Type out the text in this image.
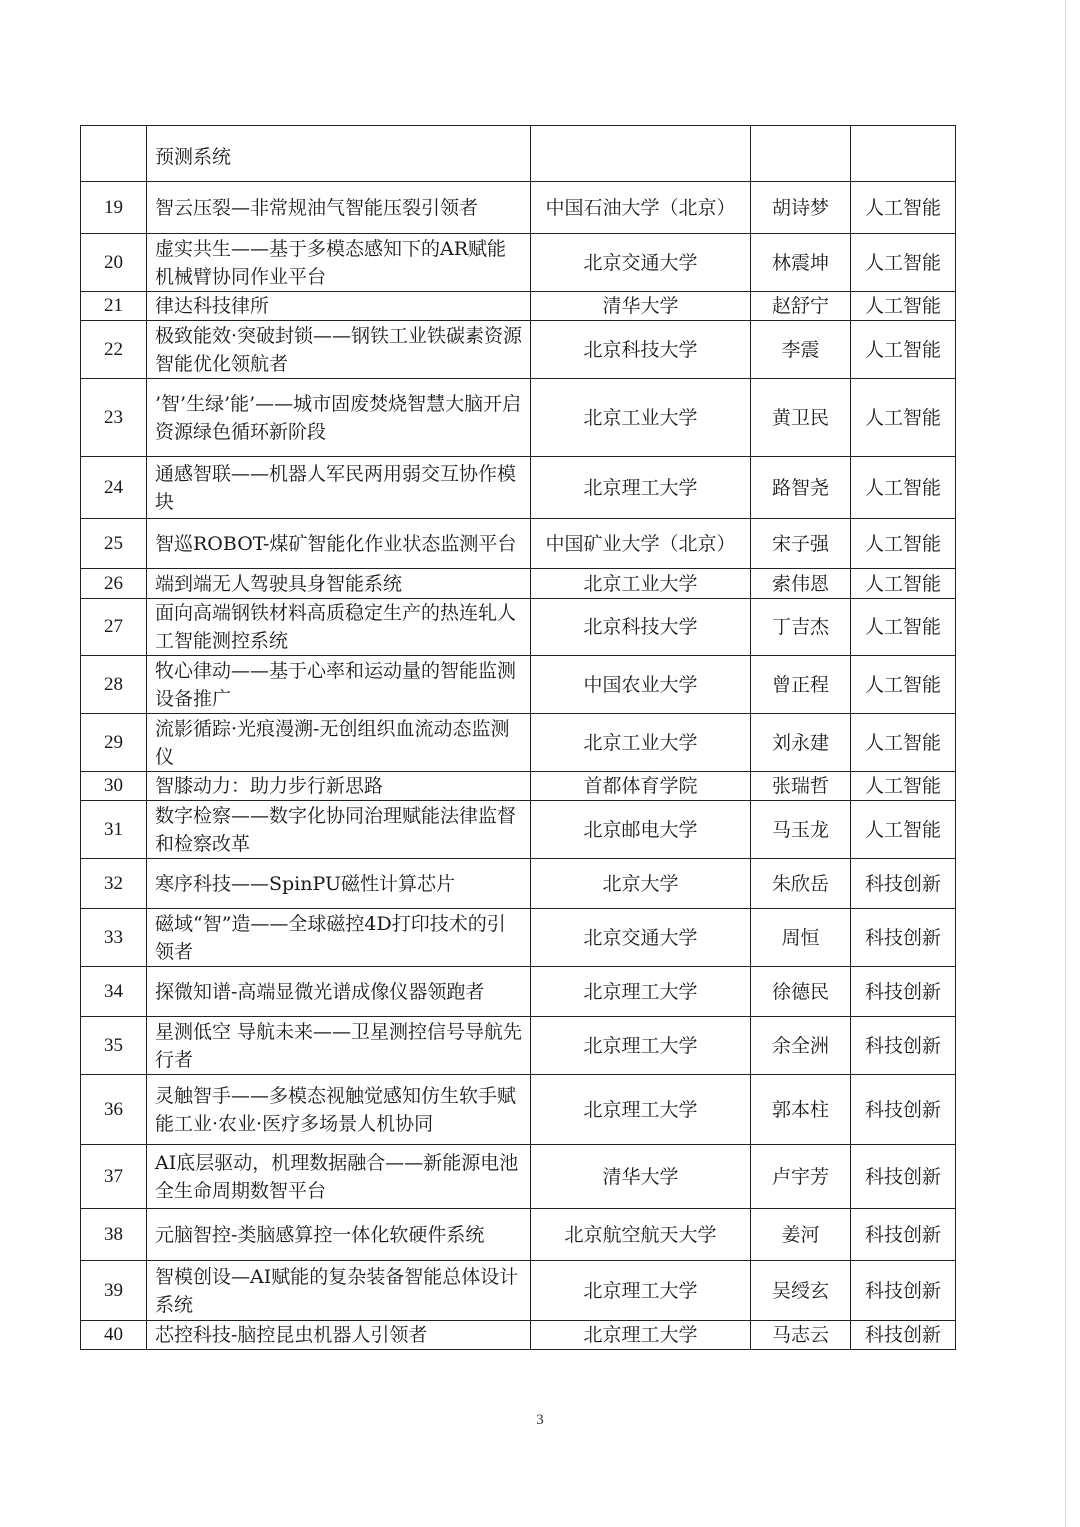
	预测系统			
19	智云压裂—非常规油气智能压裂引领者	中国石油大学（北京）	胡诗梦	人工智能
20	虚实共生——基于多模态感知下的AR赋能机械臂协同作业平台	北京交通大学	林震坤	人工智能
21	律达科技律所	清华大学	赵舒宁	人工智能
22	极致能效·突破封锁——钢铁工业铁碳素资源智能优化领航者	北京科技大学	李震	人工智能
23	’智’生绿’能’——城市固废焚烧智慧大脑开启资源绿色循环新阶段	北京工业大学	黄卫民	人工智能
24	通感智联——机器人军民两用弱交互协作模块	北京理工大学	路智尧	人工智能
25	智巡ROBOT-煤矿智能化作业状态监测平台	中国矿业大学（北京）	宋子强	人工智能
26	端到端无人驾驶具身智能系统	北京工业大学	索伟恩	人工智能
27	面向高端钢铁材料高质稳定生产的热连轧人工智能测控系统	北京科技大学	丁吉杰	人工智能
28	牧心律动——基于心率和运动量的智能监测设备推广	中国农业大学	曾正程	人工智能
29	流影循踪·光痕漫溯-无创组织血流动态监测仪	北京工业大学	刘永建	人工智能
30	智膝动力：助力步行新思路	首都体育学院	张瑞哲	人工智能
31	数字检察——数字化协同治理赋能法律监督和检察改革	北京邮电大学	马玉龙	人工智能
32	寒序科技——SpinPU磁性计算芯片	北京大学	朱欣岳	科技创新
33	磁域“智”造——全球磁控4D打印技术的引领者	北京交通大学	周恒	科技创新
34	探微知谱-高端显微光谱成像仪器领跑者	北京理工大学	徐德民	科技创新
35	星测低空 导航未来——卫星测控信号导航先行者	北京理工大学	余全洲	科技创新
36	灵触智手——多模态视触觉感知仿生软手赋能工业·农业·医疗多场景人机协同	北京理工大学	郭本柱	科技创新
37	AI底层驱动，机理数据融合——新能源电池全生命周期数智平台	清华大学	卢宇芳	科技创新
38	元脑智控-类脑感算控一体化软硬件系统	北京航空航天大学	姜河	科技创新
39	智模创设—AI赋能的复杂装备智能总体设计系统	北京理工大学	吴绶玄	科技创新
40	芯控科技-脑控昆虫机器人引领者	北京理工大学	马志云	科技创新
3
